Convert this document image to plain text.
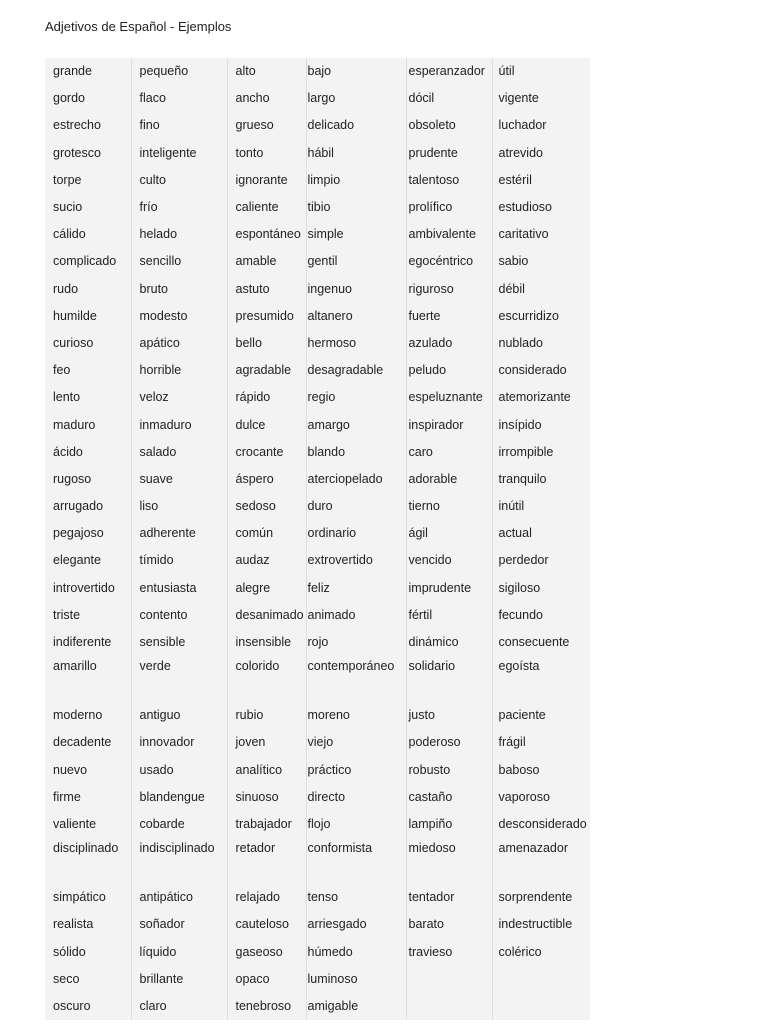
Adjetivos de Español - Ejemplos
grande	pequeño	alto	bajo	esperanzador	útil
gordo	flaco	ancho	largo	dócil	vigente
estrecho	fino	grueso	delicado	obsoleto	luchador
grotesco	inteligente	tonto	hábil	prudente	atrevido
torpe	culto	ignorante	limpio	talentoso	estéril
sucio	frío	caliente	tibio	prolífico	estudioso
cálido	helado	espontáneo	simple	ambivalente	caritativo
complicado	sencillo	amable	gentil	egocéntrico	sabio
rudo	bruto	astuto	ingenuo	riguroso	débil
humilde	modesto	presumido	altanero	fuerte	escurridizo
curioso	apático	bello	hermoso	azulado	nublado
feo	horrible	agradable	desagradable	peludo	considerado
lento	veloz	rápido	regio	espeluznante	atemorizante
maduro	inmaduro	dulce	amargo	inspirador	insípido
ácido	salado	crocante	blando	caro	irrompible
rugoso	suave	áspero	aterciopelado	adorable	tranquilo
arrugado	liso	sedoso	duro	tierno	inútil
pegajoso	adherente	común	ordinario	ágil	actual
elegante	tímido	audaz	extrovertido	vencido	perdedor
introvertido	entusiasta	alegre	feliz	imprudente	sigiloso
triste	contento	desanimado	animado	fértil	fecundo
indiferente	sensible	insensible	rojo	dinámico	consecuente
amarillo	verde	colorido	contemporáneo	solidario	egoísta
moderno	antiguo	rubio	moreno	justo	paciente
decadente	innovador	joven	viejo	poderoso	frágil
nuevo	usado	analítico	práctico	robusto	baboso
firme	blandengue	sinuoso	directo	castaño	vaporoso
valiente	cobarde	trabajador	flojo	lampiño	desconsiderado
disciplinado	indisciplinado	retador	conformista	miedoso	amenazador
simpático	antipático	relajado	tenso	tentador	sorprendente
realista	soñador	cauteloso	arriesgado	barato	indestructible
sólido	líquido	gaseoso	húmedo	travieso	colérico
seco	brillante	opaco	luminoso		
oscuro	claro	tenebroso	amigable		
